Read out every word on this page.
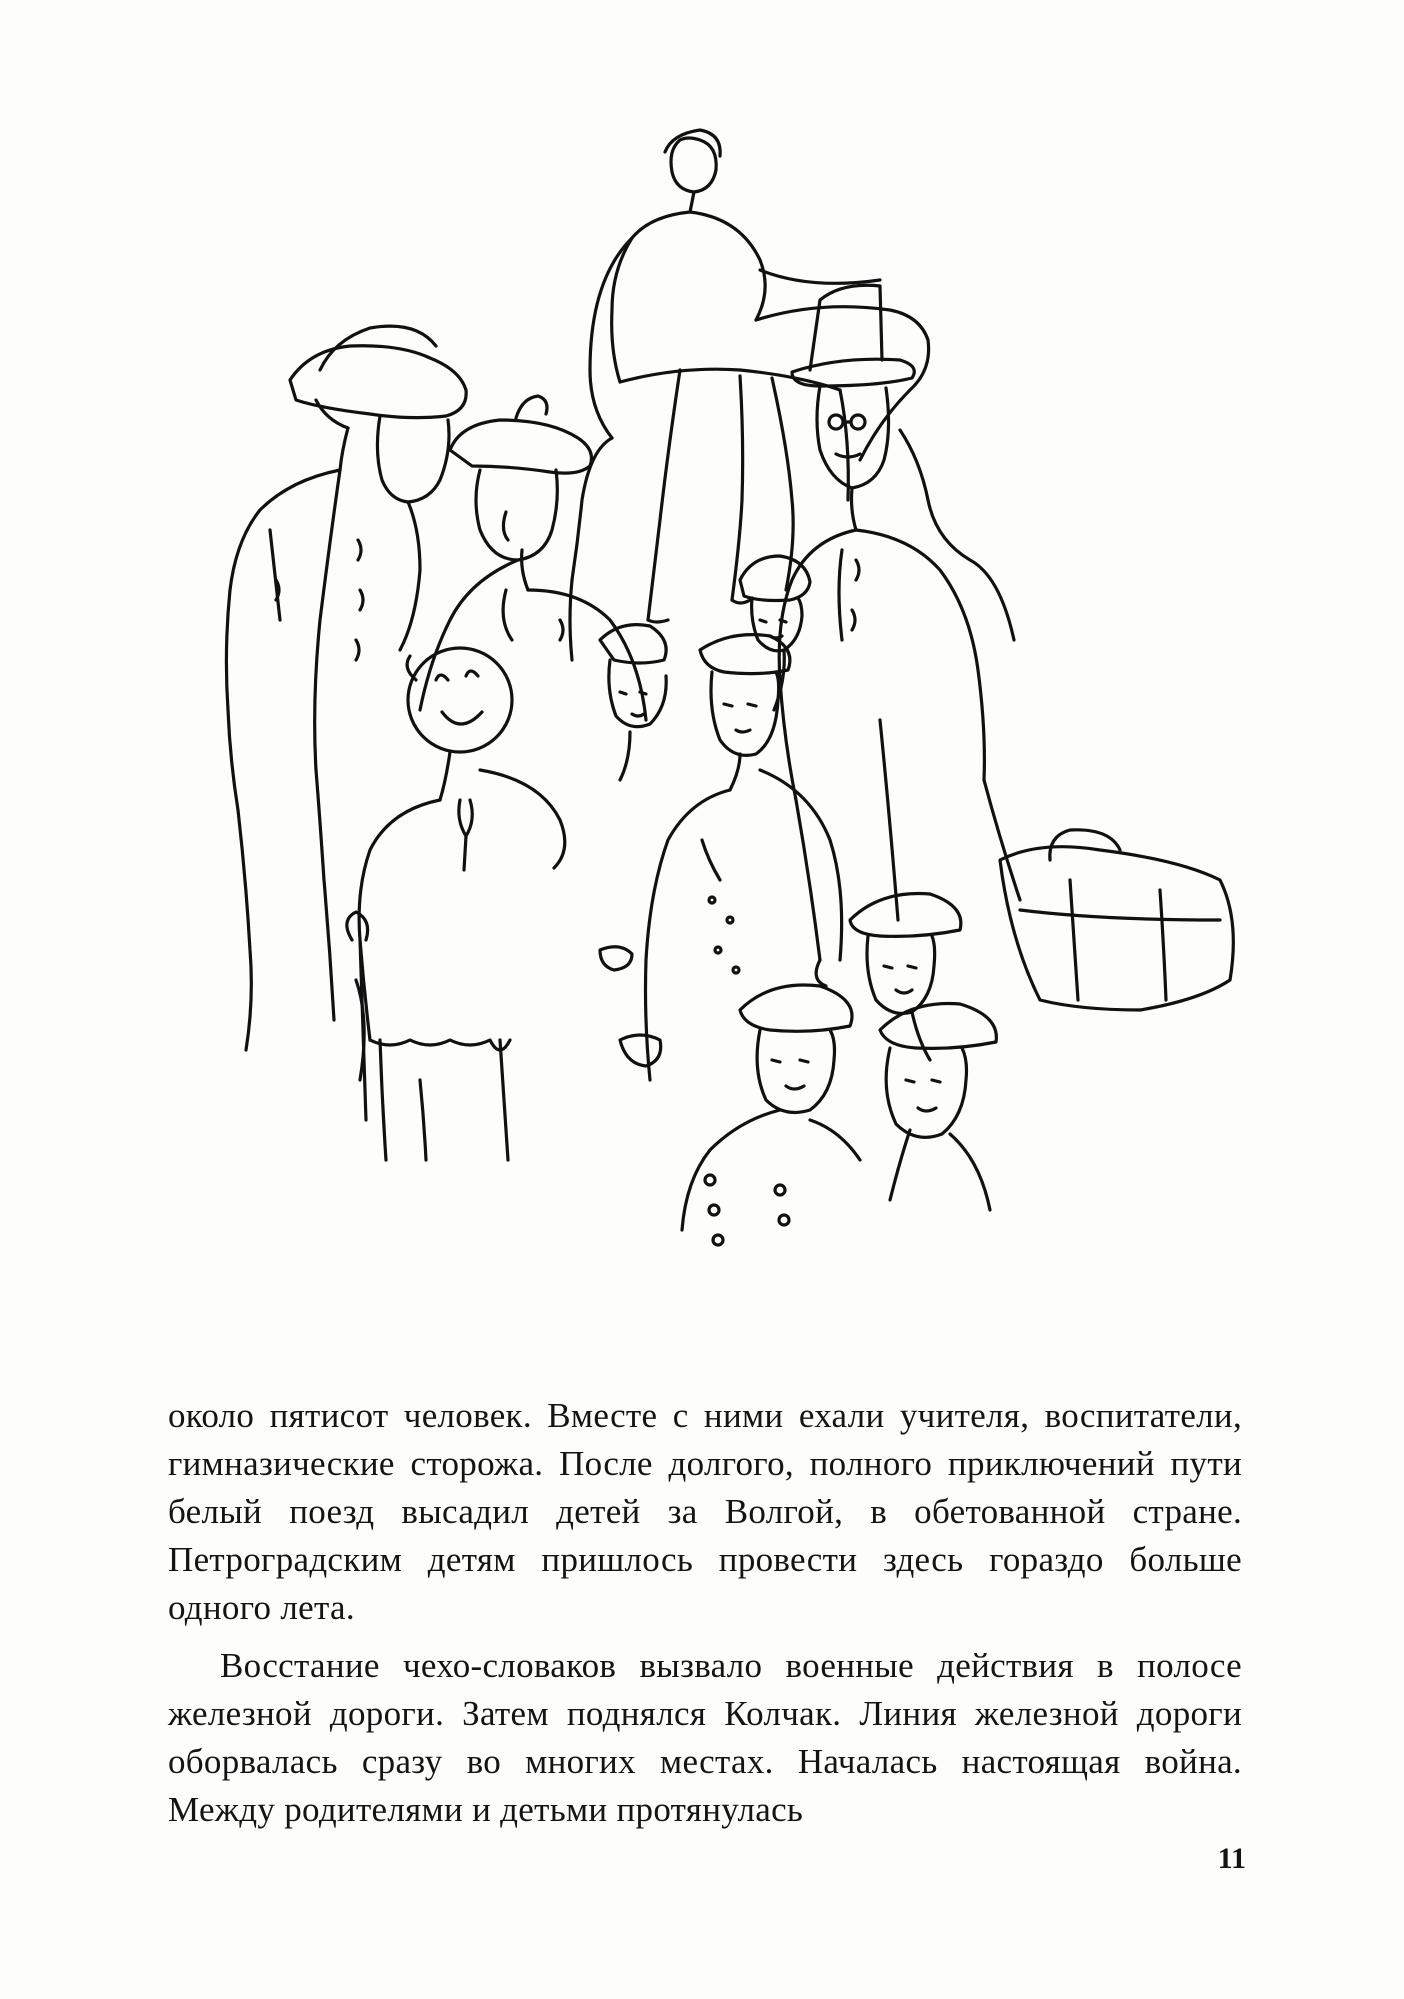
около пятисот человек. Вместе с ними ехали учителя, воспитатели, гимназические сторожа. После долгого, полного приключений пути белый поезд высадил детей за Волгой, в обетованной стране. Петроградским детям пришлось провести здесь гораздо больше одного лета.

Восстание чехо-словаков вызвало военные действия в полосе железной дороги. Затем поднялся Колчак. Линия железной дороги оборвалась сразу во многих местах. Началась настоящая война. Между родителями и детьми протянулась

11
